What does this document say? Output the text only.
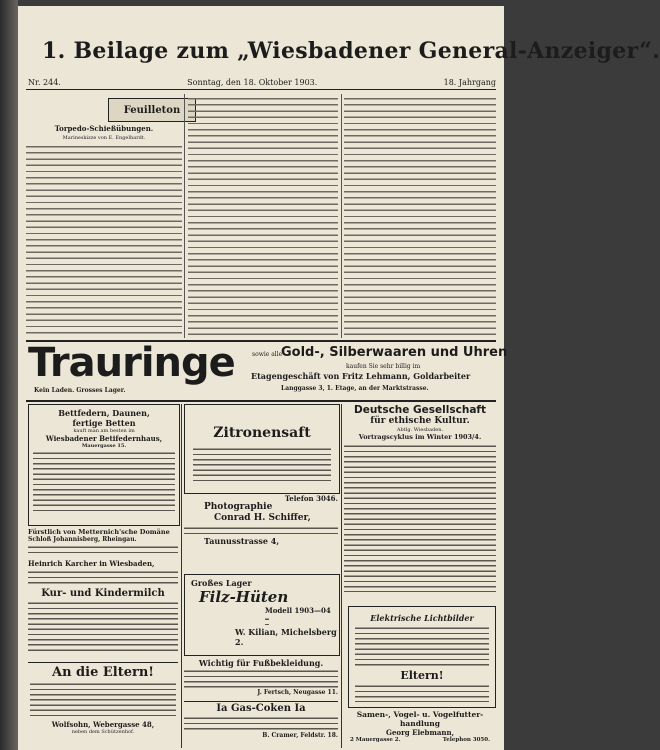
1. Beilage zum „Wiesbadener General-Anzeiger“.
Nr. 244.	Sonntag, den 18. Oktober 1903.	18. Jahrgang
Feuilleton
Torpedo-Schießübungen.
Marineskizze von E. Engelhardt.
Trauringe
Kein Laden. Grosses Lager.
sowie alle
Gold-, Silberwaaren und Uhren
kaufen Sie sehr billig im
Etagengeschäft von Fritz Lehmann, Goldarbeiter
Langgasse 3, 1. Etage, an der Marktstrasse.
Bettfedern, Daunen,
fertige Betten
kauft man am besten im
Wiesbadener Betifedernhaus,
Mauergasse 15.
Fürstlich von Metternich'sche Domäne
Schloß Johannisberg, Rheingau.
Heinrich Karcher in Wiesbaden,
Kur- und Kindermilch
An die Eltern!
Wolfsohn, Webergasse 48,
neben dem Schützenhof.
Zitronensaft
Telefon 3046.
Photographie
Conrad H. Schiffer,
Taunusstrasse 4,
Großes Lager
Filz-Hüten
Modell 1903—04
W. Kilian, Michelsberg 2.
Wichtig für Fußbekleidung.
J. Fertsch, Neugasse 11.
Ia Gas-Coken Ia
B. Cramer, Feldstr. 18.
Deutsche Gesellschaft
für ethische Kultur.
Abtlg. Wiesbaden.
Vortragscyklus im Winter 1903/4.
Elektrische Lichtbilder
Eltern!
Samen-, Vogel- u. Vogelfutter-
handlung
Georg Elebmann,
2 Mauergasse 2.	Telephon 3050.
